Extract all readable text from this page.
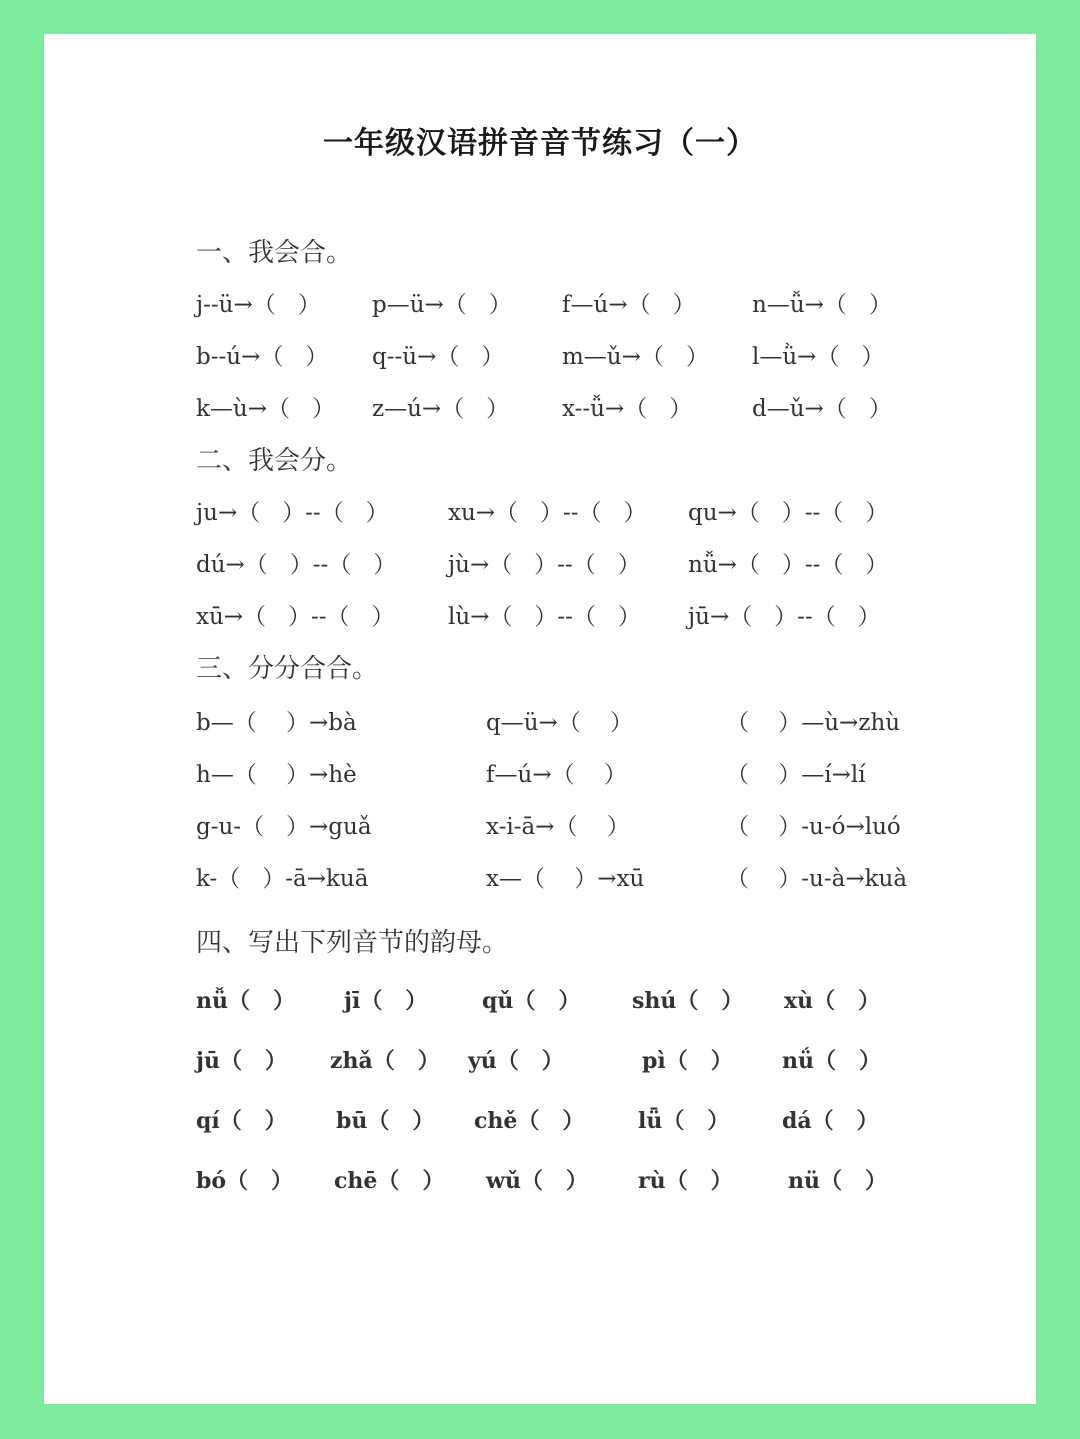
一年级汉语拼音音节练习（一）
一、我会合。
j--ü→（   ） p—ü→（   ） f—ú→（   ） n—ǚ→（   ）
b--ú→（   ） q--ü→（   ）	m—ǔ→（   ） l—ǜ→（   ）
k—ù→（   ） z—ú→（   ） x--ǚ→（   ）	d—ǔ→（   ）
二、我会分。
ju→（   ）--（   ）	xu→（   ）--（   ） qu→（   ）--（   ）
dú→（   ）--（   ） jù→（   ）--（   ） nǚ→（   ）--（   ）
xū→（   ）--（   ） lù→（   ）--（   ） jū→（   ）--（   ）
三、分分合合。
b—（    ）→bà	q—ü→（    ）	（    ）—ù→zhù
h—（    ）→hè	f—ú→（    ）	（    ）—í→lí
g-u-（   ）→guǎ	x-i-ā→（    ）	（    ）-u-ó→luó
k-（   ）-ā→kuā	x—（    ）→xū	（    ）-u-à→kuà
四、写出下列音节的韵母。
nǚ（   ） jī（   ） qǔ（   ） shú（   ） xù（   ）
jū（   ） zhǎ（   ） yú（   ）	pì（   ） nǘ（   ）
qí（   ） bū（   ） chě（   ） lǖ（   ） dá（   ）
bó（   ） chē（   ） wǔ（   ） rù（   ）	nü（   ）
